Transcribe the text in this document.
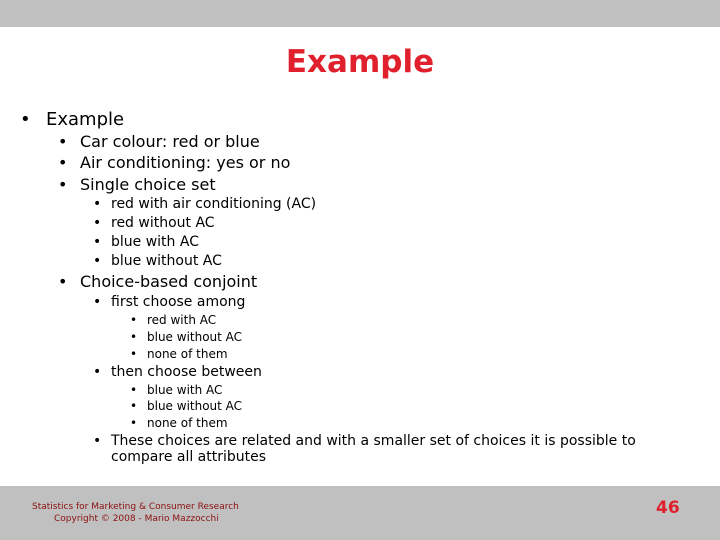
Example
• Example
• Car colour: red or blue
• Air conditioning: yes or no
• Single choice set
• red with air conditioning (AC)
• red without AC
• blue with AC
• blue without AC
• Choice-based conjoint
• first choose among
• red with AC
• blue without AC
• none of them
• then choose between
• blue with AC
• blue without AC
• none of them
• These choices are related and with a smaller set of choices it is possible to
compare all attributes
Statistics for Marketing & Consumer Research
Copyright © 2008 - Mario Mazzocchi
46
